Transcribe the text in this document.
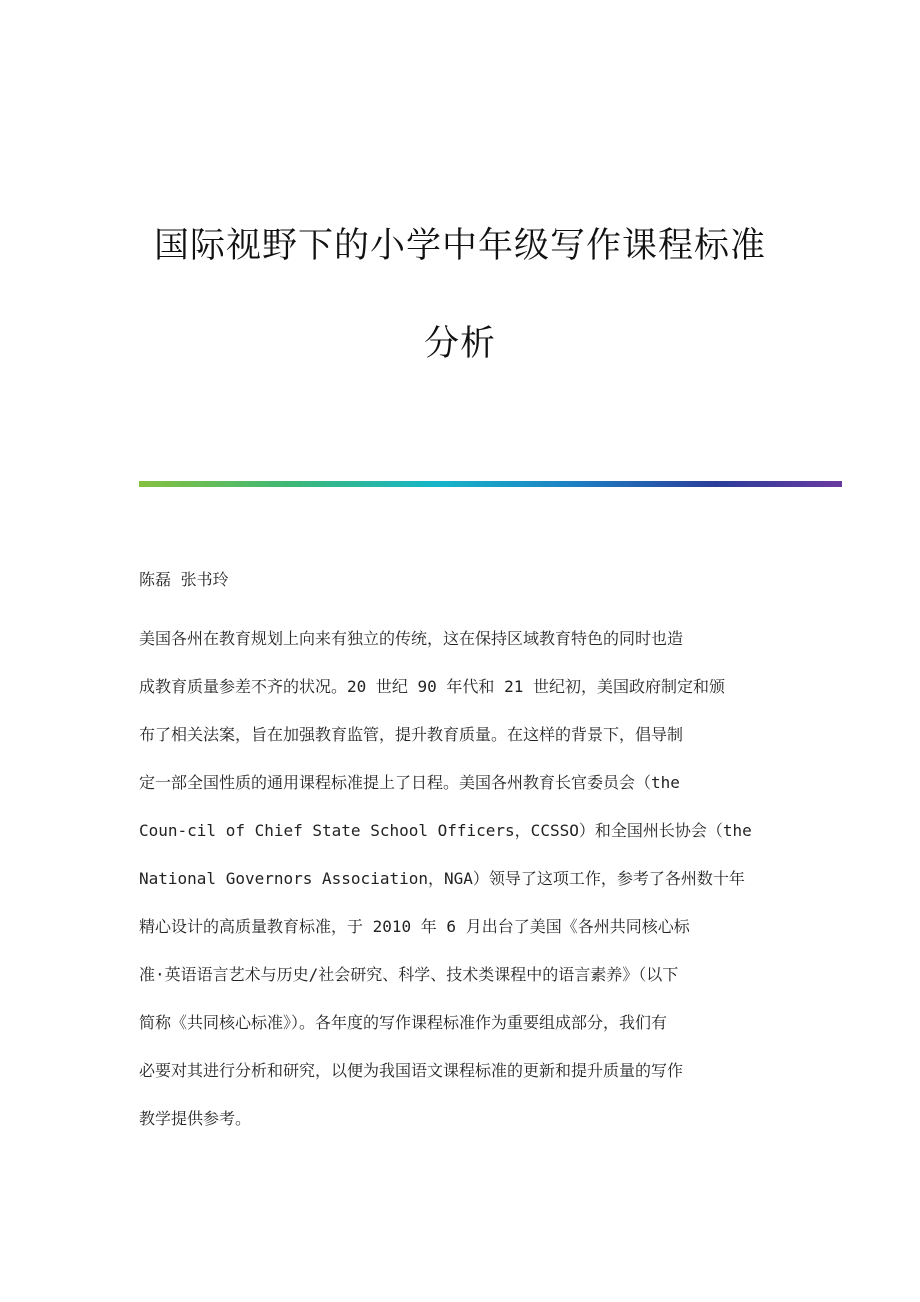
国际视野下的小学中年级写作课程标准
分析
陈磊 张书玲
美国各州在教育规划上向来有独立的传统，这在保持区域教育特色的同时也造
成教育质量参差不齐的状况。20 世纪 90 年代和 21 世纪初，美国政府制定和颁
布了相关法案，旨在加强教育监管，提升教育质量。在这样的背景下，倡导制
定一部全国性质的通用课程标准提上了日程。美国各州教育长官委员会（the
Coun-cil of Chief State School Officers，CCSSO）和全国州长协会（the
National Governors Association，NGA）领导了这项工作，参考了各州数十年
精心设计的高质量教育标准，于 2010 年 6 月出台了美国《各州共同核心标
准·英语语言艺术与历史/社会研究、科学、技术类课程中的语言素养》（以下
简称《共同核心标准》）。各年度的写作课程标准作为重要组成部分，我们有
必要对其进行分析和研究，以便为我国语文课程标准的更新和提升质量的写作
教学提供参考。
